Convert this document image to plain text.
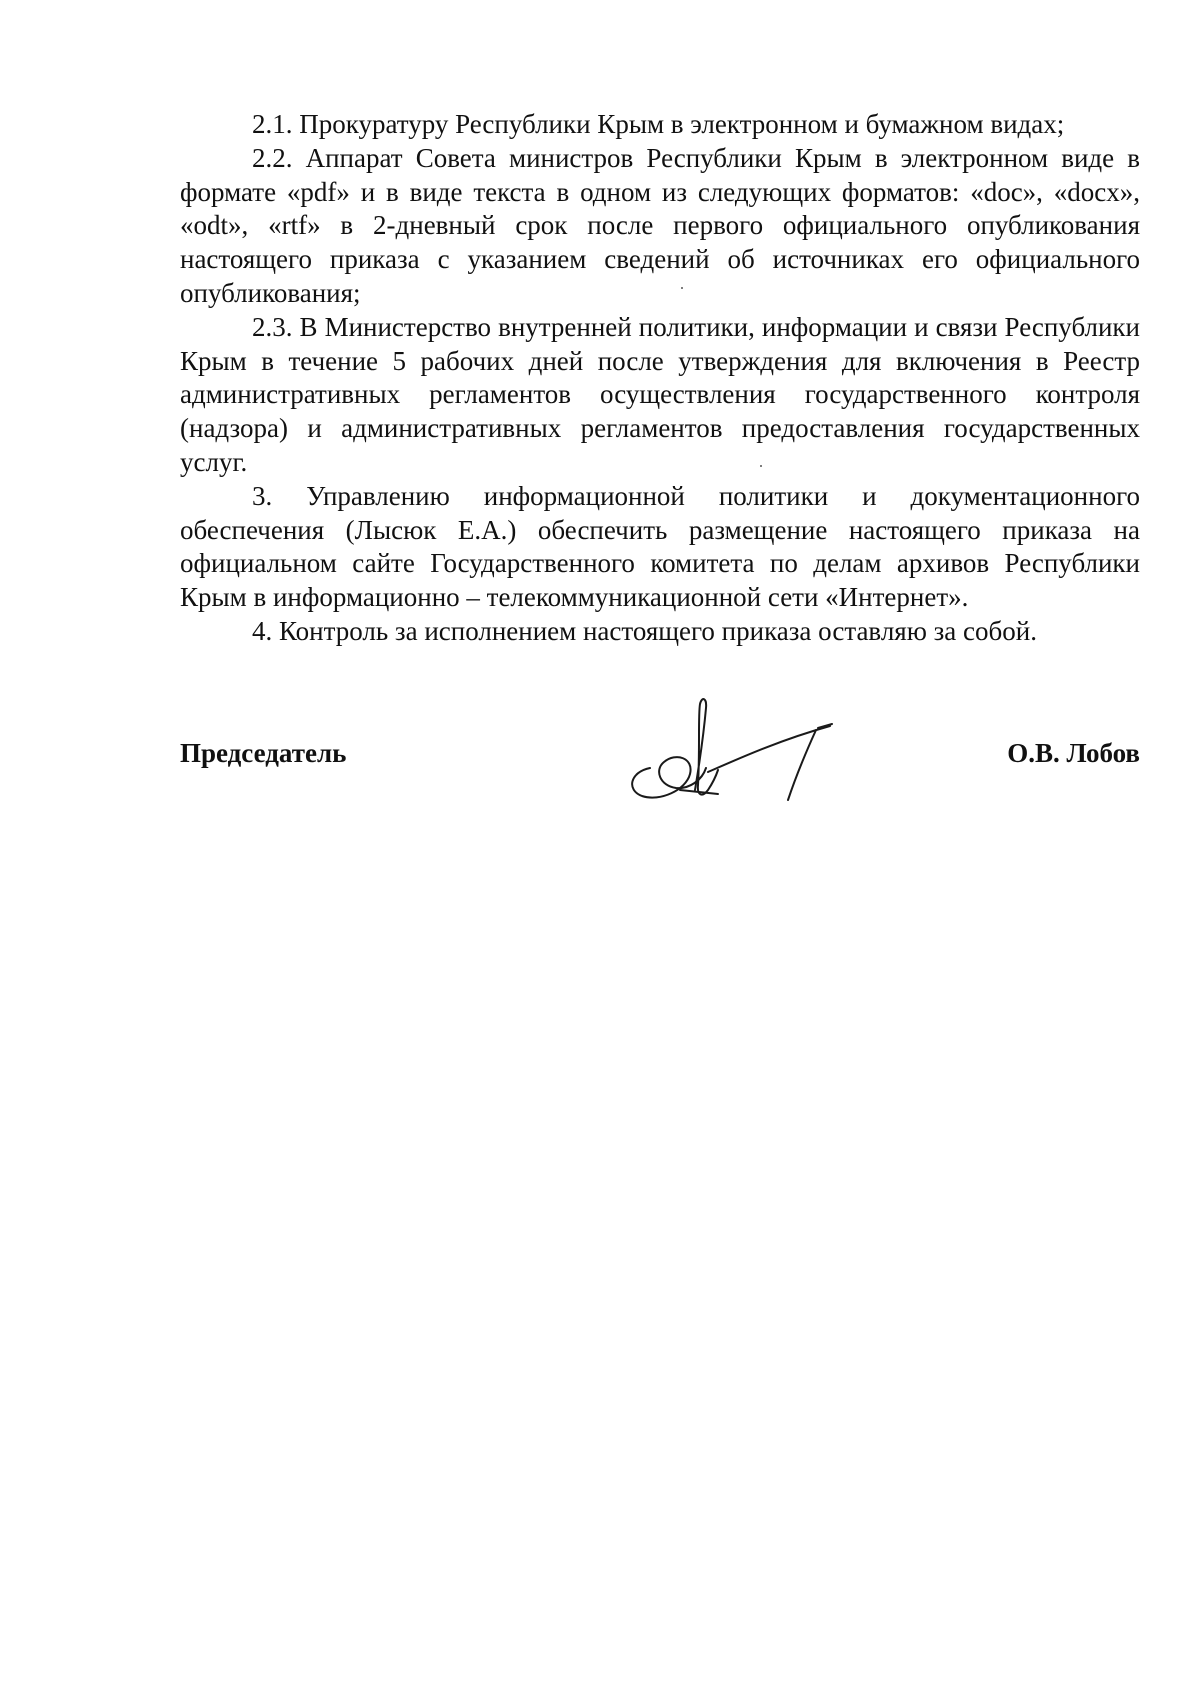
2.1. Прокуратуру Республики Крым в электронном и бумажном видах;

2.2. Аппарат Совета министров Республики Крым в электронном виде в формате «pdf» и в виде текста в одном из следующих форматов: «doc», «docx», «odt», «rtf» в 2-дневный срок после первого официального опубликования настоящего приказа с указанием сведений об источниках его официального опубликования;

2.3. В Министерство внутренней политики, информации и связи Республики Крым в течение 5 рабочих дней после утверждения для включения в Реестр административных регламентов осуществления государственного контроля (надзора) и административных регламентов предоставления государственных услуг.

3. Управлению информационной политики и документационного обеспечения (Лысюк Е.А.) обеспечить размещение настоящего приказа на официальном сайте Государственного комитета по делам архивов Республики Крым в информационно – телекоммуникационной сети «Интернет».

4. Контроль за исполнением настоящего приказа оставляю за собой.

Председатель	О.В. Лобов
